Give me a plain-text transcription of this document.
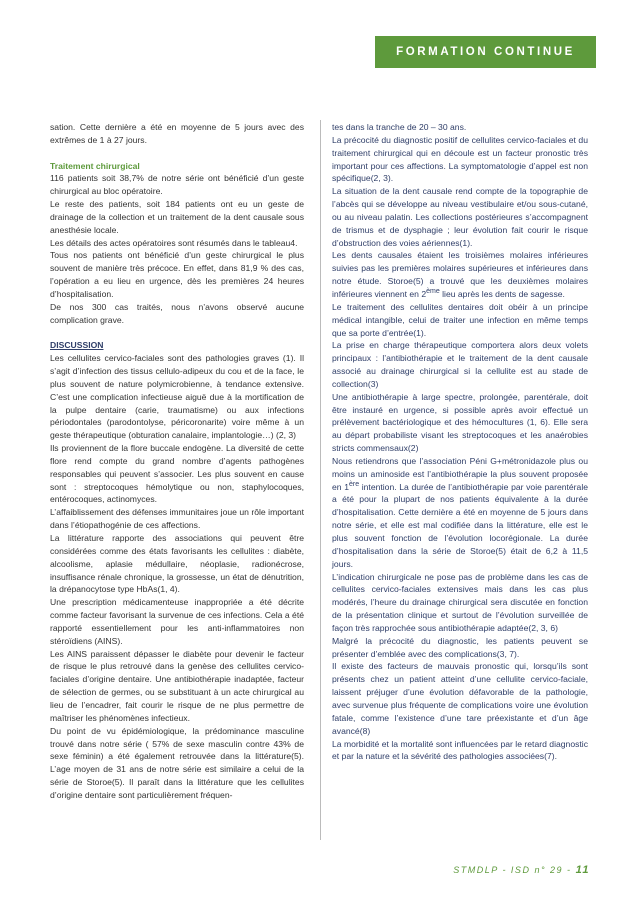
FORMATION CONTINUE

sation. Cette dernière a été en moyenne de 5 jours avec des extrêmes de 1 à 27 jours.

Traitement chirurgical

116 patients soit 38,7% de notre série ont bénéficié d’un geste chirurgical au bloc opératoire.

Le reste des patients, soit 184 patients ont eu un geste de drainage de la collection et un traitement de la dent causale sous anesthésie locale.

Les détails des actes opératoires sont résumés dans le tableau4.

Tous nos patients ont bénéficié d’un geste chirurgical le plus souvent de manière très précoce. En effet, dans 81,9 % des cas, l’opération a eu lieu en urgence, dès les premières 24 heures d’hospitalisation.

De nos 300 cas traités, nous n’avons observé aucune complication grave.

DISCUSSION

Les cellulites cervico-faciales sont des pathologies graves (1). Il s’agit d’infection des tissus cellulo-adipeux du cou et de la face, le plus souvent de nature polymicrobienne, à tendance extensive. C’est une complication infectieuse aiguë due à la mortification de la pulpe dentaire (carie, traumatisme) ou aux infections périodontales (parodontolyse, péricoronarite) voire même à un geste thérapeutique (obturation canalaire, implantologie…) (2, 3)

Ils proviennent de la flore buccale endogène. La diversité de cette flore rend compte du grand nombre d’agents pathogènes responsables qui peuvent s’associer. Les plus souvent en cause sont : streptocoques hémolytique ou non, staphylocoques, entérocoques, actinomyces.

L’affaiblissement des défenses immunitaires joue un rôle important dans l’étiopathogénie de ces affections.

La littérature rapporte des associations qui peuvent être considérées comme des états favorisants les cellulites : diabète, alcoolisme, aplasie médullaire, néoplasie, radionécrose, insuffisance rénale chronique, la grossesse, un état de dénutrition, la drépanocytose type HbAs(1, 4).

Une prescription médicamenteuse inappropriée a été décrite comme facteur favorisant la survenue de ces infections. Cela a été rapporté essentiellement pour les anti-inflammatoires non stéroïdiens (AINS).

Les AINS paraissent dépasser le diabète pour devenir le facteur de risque le plus retrouvé dans la genèse des cellulites cervico-faciales d’origine dentaire. Une antibiothérapie inadaptée, facteur de sélection de germes, ou se substituant à un acte chirurgical au lieu de l’encadrer, fait courir le risque de ne plus permettre de maîtriser les phénomènes infectieux.

Du point de vu épidémiologique, la prédominance masculine trouvé dans notre série ( 57% de sexe masculin contre 43% de sexe féminin) a été également retrouvée dans la littérature(5). L’age moyen de 31 ans de notre série est similaire a celui de la série de Storoe(5). Il paraît dans la littérature que les cellulites d’origine dentaire sont particulièrement fréquen-

tes dans la tranche de 20 – 30 ans.

La précocité du diagnostic positif de cellulites cervico-faciales et du traitement chirurgical qui en découle est un facteur pronostic très important pour ces affections. La symptomatologie d’appel est non spécifique(2, 3).

La situation de la dent causale rend compte de la topographie de l’abcès qui se développe au niveau vestibulaire et/ou sous-cutané, ou au niveau palatin. Les collections postérieures s’accompagnent de trismus et de dysphagie ; leur évolution fait courir le risque d’obstruction des voies aériennes(1).

Les dents causales étaient les troisièmes molaires inférieures suivies pas les premières molaires supérieures et inférieures dans notre étude. Storoe(5) a trouvé que les deuxièmes molaires inférieures viennent en 2ème lieu après les dents de sagesse.

Le traitement des cellulites dentaires doit obéir à un principe médical intangible, celui de traiter une infection en même temps que sa porte d’entrée(1).

La prise en charge thérapeutique comportera alors deux volets principaux : l’antibiothérapie et le traitement de la dent causale associé au drainage chirurgical si la cellulite est au stade de collection(3)

Une antibiothérapie à large spectre, prolongée, parentérale, doit être instauré en urgence, si possible après avoir effectué un prélèvement bactériologique et des hémocultures (1, 6). Elle sera au départ probabiliste visant les streptocoques et les anaérobies stricts commensaux(2)

Nous retiendrons que l’association Péni G+métronidazole plus ou moins un aminoside est l’antibiothérapie la plus souvent proposée en 1ère intention. La durée de l’antibiothérapie par voie parentérale a été pour la plupart de nos patients équivalente à la durée d’hospitalisation. Cette dernière a été en moyenne de 5 jours dans notre série, et elle est mal codifiée dans la littérature, elle est le plus souvent fonction de l’évolution locorégionale. La durée d’hospitalisation dans la série de Storoe(5) était de 6,2 à 11,5 jours.

L’indication chirurgicale ne pose pas de problème dans les cas de cellulites cervico-faciales extensives mais dans les cas plus modérés, l’heure du drainage chirurgical sera discutée en fonction de la présentation clinique et surtout de l’évolution surveillée de façon très rapprochée sous antibiothérapie adaptée(2, 3, 6)

Malgré la précocité du diagnostic, les patients peuvent se présenter d’emblée avec des complications(3, 7).

Il existe des facteurs de mauvais pronostic qui, lorsqu’ils sont présents chez un patient atteint d’une cellulite cervico-faciale, laissent préjuger d’une évolution défavorable de la pathologie, avec survenue plus fréquente de complications voire une évolution fatale, comme l’existence d’une tare préexistante et d’un âge avancé(8)

La morbidité et la mortalité sont influencées par le retard diagnostic et par la nature et la sévérité des pathologies associées(7).

STMDLP - ISD n° 29 - 11
